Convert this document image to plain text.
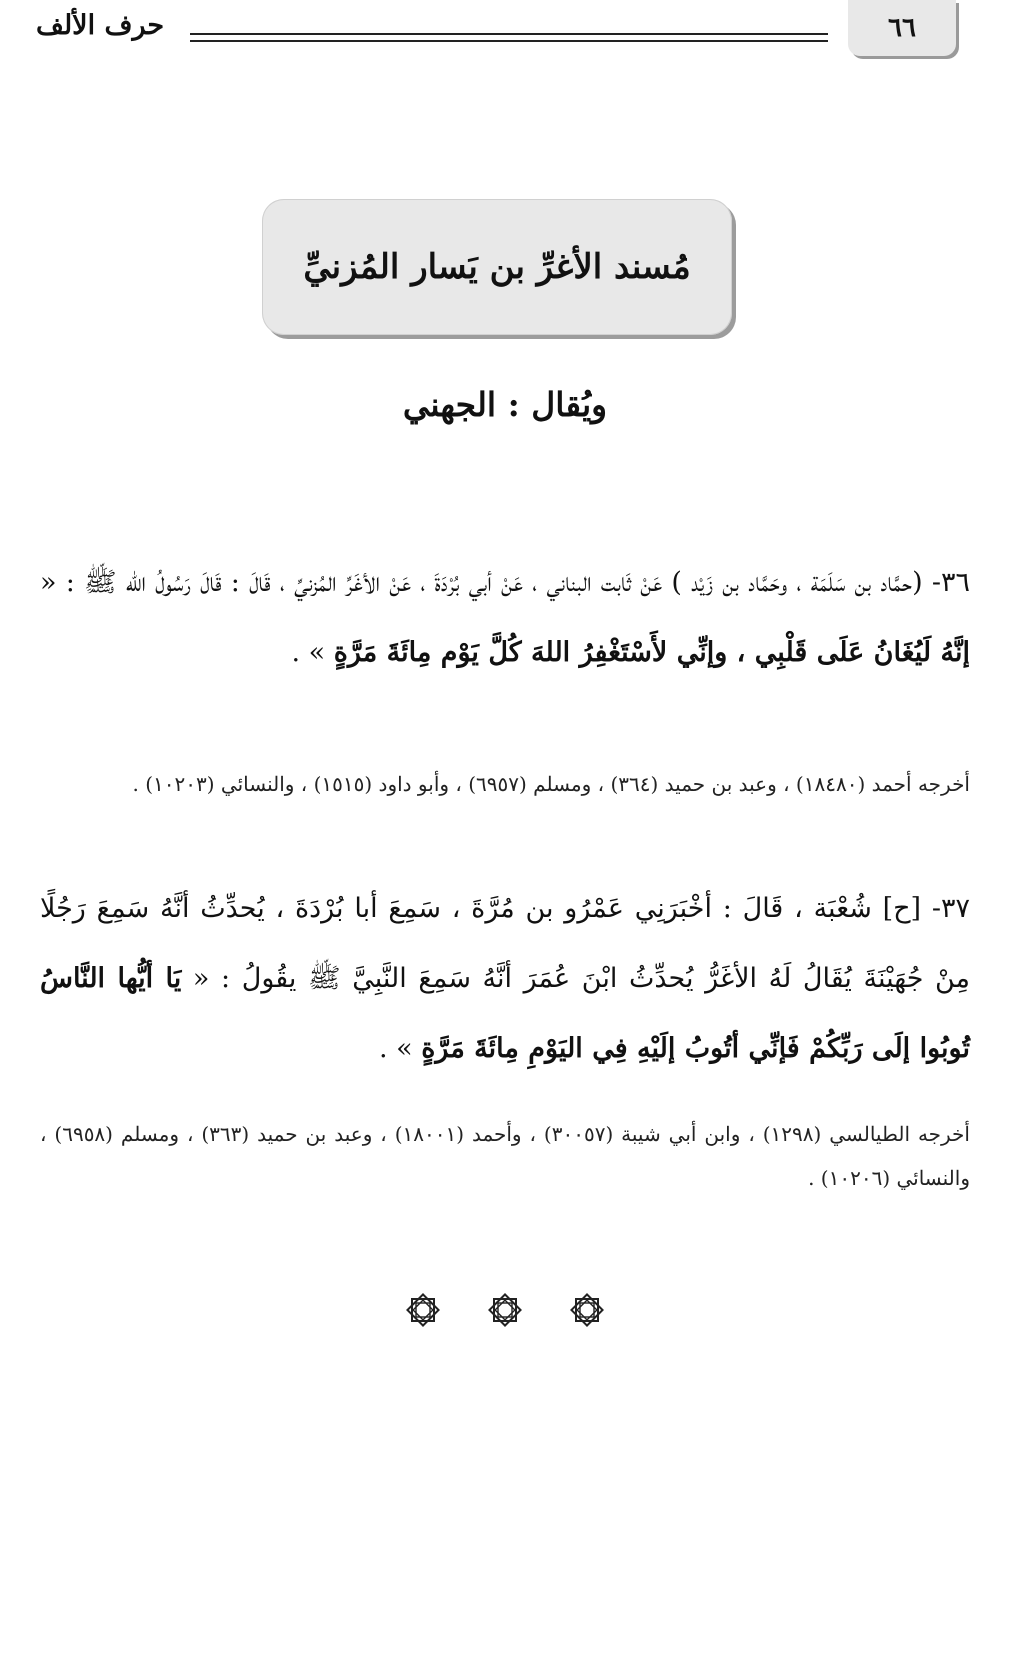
٦٦
حرف الألف
مُسند الأغرِّ بن يَسار المُزنيِّ
ويُقال : الجهني

٣٦- (حمَّاد بن سَلَمَة ، وحَمَّاد بن زَيْد ) عَنْ ثَابت البناني ، عَنْ أبي بُرْدَةَ ، عَنْ الأغَرِّ المُزنيِّ ، قَالَ : قَالَ رَسُولُ الله ﷺ : « إنَّهُ لَيُغَانُ عَلَى قَلْبِي ، وإنِّي لأَسْتَغْفِرُ اللهَ كُلَّ يَوْم مِائَةَ مَرَّةٍ » .

أخرجه أحمد (١٨٤٨٠) ، وعبد بن حميد (٣٦٤) ، ومسلم (٦٩٥٧) ، وأبو داود (١٥١٥) ، والنسائي (١٠٢٠٣) .

٣٧- [ح] شُعْبَة ، قَالَ : أخْبَرَنِي عَمْرُو بن مُرَّةَ ، سَمِعَ أبا بُرْدَةَ ، يُحدِّثُ أنَّهُ سَمِعَ رَجُلًا مِنْ جُهَيْنَةَ يُقَالُ لَهُ الأغَرُّ يُحدِّثُ ابْنَ عُمَرَ أنَّهُ سَمِعَ النَّبِيَّ ﷺ يقُولُ : « يَا أيُّها النَّاسُ تُوبُوا إلَى رَبِّكُمْ فَإنِّي أتُوبُ إلَيْهِ فِي اليَوْمِ مِائَةَ مَرَّةٍ » .

أخرجه الطيالسي (١٢٩٨) ، وابن أبي شيبة (٣٠٠٥٧) ، وأحمد (١٨٠٠١) ، وعبد بن حميد (٣٦٣) ، ومسلم (٦٩٥٨) ، والنسائي (١٠٢٠٦) .
